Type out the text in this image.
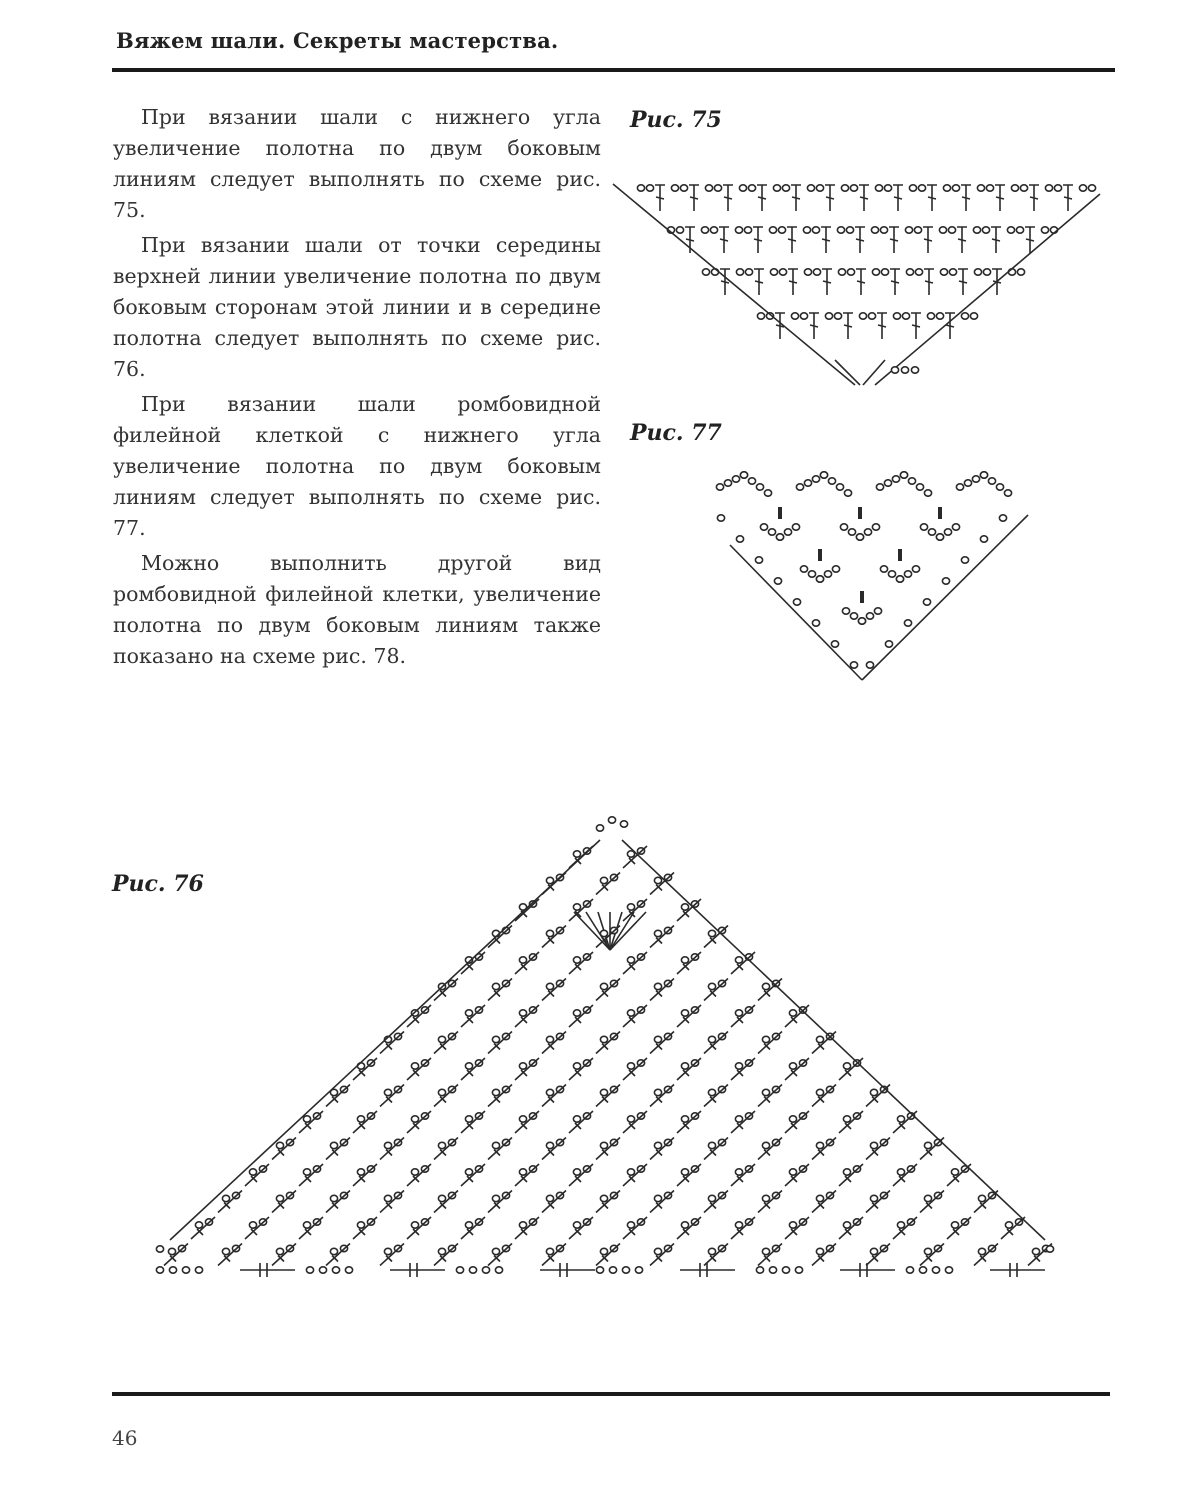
Вяжем шали. Секреты мастерства.

При вязании шали с нижнего угла увеличение полотна по двум боковым линиям следует выполнять по схеме рис. 75.

При вязании шали от точки середины верхней линии увеличение полотна по двум боковым сторонам этой линии и в середине полотна следует выполнять по схеме рис. 76.

При вязании шали ромбовидной филейной клеткой с нижнего угла увеличение полотна по двум боковым линиям следует выполнять по схеме рис. 77.

Можно выполнить другой вид ромбовидной филейной клетки, увеличение полотна по двум боковым линиям также показано на схеме рис. 78.

Рис. 75
Рис. 77
Рис. 76
46
